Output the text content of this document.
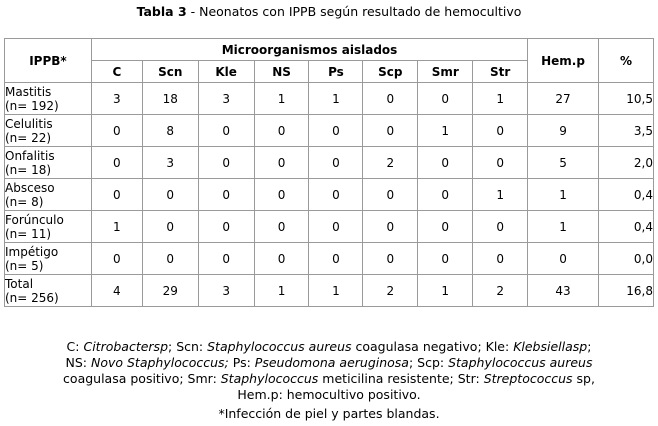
Tabla 3 - Neonatos con IPPB según resultado de hemocultivo
IPPB*	Microorganismos aislados								Hem.p	%
	C	Scn	Kle	NS	Ps	Scp	Smr	Str		

Mastitis
(n= 192)	3	18	3	1	1	0	0	1	27	10,5

Celulitis
(n= 22)	0	8	0	0	0	0	1	0	9	3,5

Onfalitis
(n= 18)	0	3	0	0	0	2	0	0	5	2,0

Absceso
(n= 8)	0	0	0	0	0	0	0	1	1	0,4

Forúnculo
(n= 11)	1	0	0	0	0	0	0	0	1	0,4

Impétigo
(n= 5)	0	0	0	0	0	0	0	0	0	0,0

Total
(n= 256)	4	29	3	1	1	2	1	2	43	16,8
C: Citrobactersp; Scn: Staphylococcus aureus coagulasa negativo; Kle: Klebsiellasp;
NS: Novo Staphylococcus; Ps: Pseudomona aeruginosa; Scp: Staphylococcus aureus
coagulasa positivo; Smr: Staphylococcus meticilina resistente; Str: Streptococcus sp,
Hem.p: hemocultivo positivo.
*Infección de piel y partes blandas.
